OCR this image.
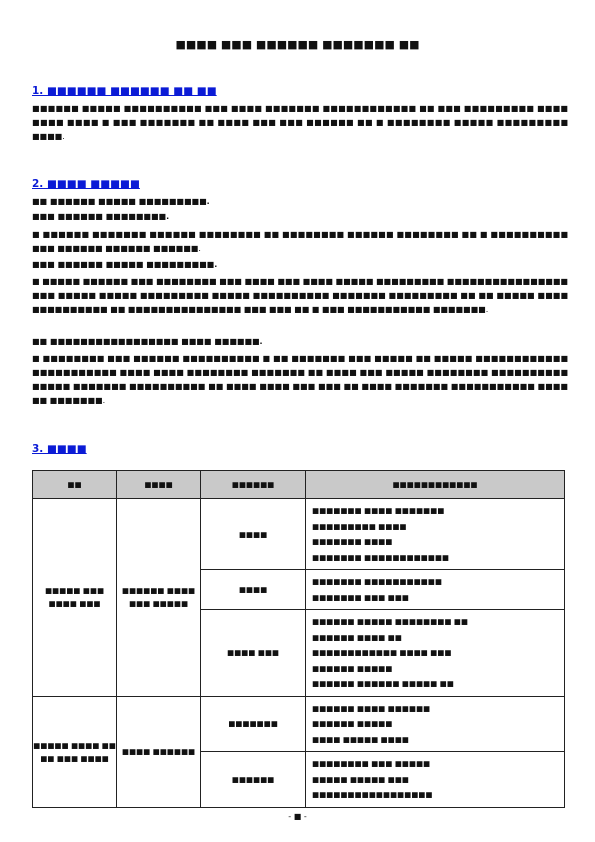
■■■■ ■■■ ■■■■■■ ■■■■■■■ ■■
1. ■■■■■■ ■■■■■■ ■■ ■■

■■■■■■ ■■■■■ ■■■■■■■■■■ ■■■ ■■■■ ■■■■■■■ ■■■■■■■■■■■■ ■■ ■■■ ■■■■■■■■■ ■■■■ ■■■■ ■■■■ ■ ■■■ ■■■■■■■ ■■ ■■■■ ■■■ ■■■ ■■■■■■ ■■ ■ ■■■■■■■■ ■■■■■ ■■■■■■■■■ ■■■■.

2. ■■■■ ■■■■■

■■ ■■■■■■ ■■■■■ ■■■■■■■■■.

■■■ ■■■■■■ ■■■■■■■■.

■ ■■■■■■ ■■■■■■■ ■■■■■■ ■■■■■■■■ ■■ ■■■■■■■■ ■■■■■■ ■■■■■■■■ ■■ ■ ■■■■■■■■■■ ■■■ ■■■■■■ ■■■■■■ ■■■■■■.

■■■ ■■■■■■ ■■■■■ ■■■■■■■■■.

■ ■■■■■ ■■■■■■ ■■■ ■■■■■■■■ ■■■ ■■■■ ■■■ ■■■■ ■■■■■ ■■■■■■■■■ ■■■■■■■■■■■■■■■■ ■■■ ■■■■■ ■■■■■ ■■■■■■■■■ ■■■■■ ■■■■■■■■■■ ■■■■■■■ ■■■■■■■■■ ■■ ■■ ■■■■■ ■■■■ ■■■■■■■■■■ ■■ ■■■■■■■■■■■■■■■ ■■■ ■■■ ■■ ■ ■■■ ■■■■■■■■■■■ ■■■■■■■.

■■ ■■■■■■■■■■■■■■■■■ ■■■■ ■■■■■■.

■ ■■■■■■■■ ■■■ ■■■■■■ ■■■■■■■■■■ ■ ■■ ■■■■■■■ ■■■ ■■■■■ ■■ ■■■■■ ■■■■■■■■■■■■ ■■■■■■■■■■■ ■■■■ ■■■■ ■■■■■■■■ ■■■■■■■ ■■ ■■■■ ■■■ ■■■■■ ■■■■■■■■ ■■■■■■■■■■ ■■■■■ ■■■■■■■ ■■■■■■■■■■ ■■ ■■■■ ■■■■ ■■■ ■■■ ■■ ■■■■ ■■■■■■■ ■■■■■■■■■■■ ■■■■ ■■ ■■■■■■■.

3. ■■■■
■■	■■■■	■■■■■■	■■■■■■■■■■■■
■■■■■ ■■■ ■■■■ ■■■	■■■■■■ ■■■■ ■■■ ■■■■■	■■■■	■■■■■■■ ■■■■ ■■■■■■■
■■■■■■■■■ ■■■■
■■■■■■■ ■■■■
■■■■■■■ ■■■■■■■■■■■■

		■■■■	■■■■■■■ ■■■■■■■■■■■
■■■■■■■ ■■■ ■■■

		■■■■ ■■■	■■■■■■ ■■■■■ ■■■■■■■■ ■■
■■■■■■ ■■■■ ■■
■■■■■■■■■■■■ ■■■■ ■■■
■■■■■■ ■■■■■
■■■■■■ ■■■■■■ ■■■■■ ■■

■■■■■ ■■■■ ■■ ■■ ■■■ ■■■■	■■■■ ■■■■■■	■■■■■■■	■■■■■■ ■■■■ ■■■■■■
■■■■■■ ■■■■■
■■■■ ■■■■■ ■■■■

		■■■■■■	■■■■■■■■ ■■■ ■■■■■
■■■■■ ■■■■■ ■■■
■■■■■■■■■■■■■■■■■
- ■ -
